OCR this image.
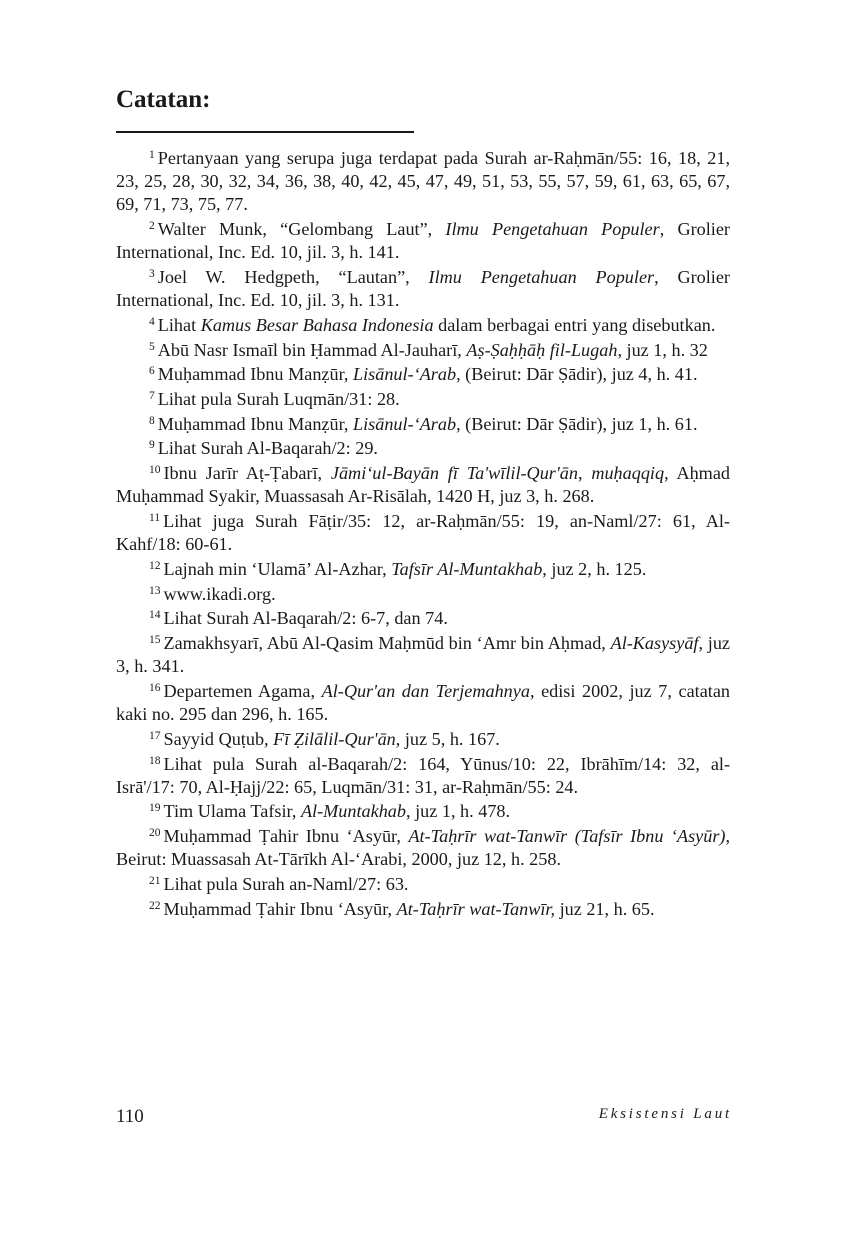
Catatan:

$^1$ Pertanyaan yang serupa juga terdapat pada Surah ar-Raḥmān/55: 16, 18, 21, 23, 25, 28, 30, 32, 34, 36, 38, 40, 42, 45, 47, 49, 51, 53, 55, 57, 59, 61, 63, 65, 67, 69, 71, 73, 75, 77.

$^2$ Walter Munk, “Gelombang Laut”, Ilmu Pengetahuan Populer, Grolier International, Inc. Ed. 10, jil. 3, h. 141.

$^3$ Joel W. Hedgpeth, “Lautan”, Ilmu Pengetahuan Populer, Grolier International, Inc. Ed. 10, jil. 3, h. 131.

$^4$ Lihat Kamus Besar Bahasa Indonesia dalam berbagai entri yang disebutkan.

$^5$ Abū Nasr Ismaīl bin Ḥammad Al-Jauharī, Aṣ-Ṣaḥḥāḥ fil-Lugah, juz 1, h. 32

$^6$ Muḥammad Ibnu Manẓūr, Lisānul-‘Arab, (Beirut: Dār Ṣādir), juz 4, h. 41.

$^7$ Lihat pula Surah Luqmān/31: 28.

$^8$ Muḥammad Ibnu Manẓūr, Lisānul-‘Arab, (Beirut: Dār Ṣādir), juz 1, h. 61.

$^9$ Lihat Surah Al-Baqarah/2: 29.

$^{10}$ Ibnu Jarīr Aṭ-Ṭabarī, Jāmi‘ul-Bayān fī Ta'wīlil-Qur'ān, muḥaqqiq, Aḥmad Muḥammad Syakir, Muassasah Ar-Risālah, 1420 H, juz 3, h. 268.

$^{11}$ Lihat juga Surah Fāṭir/35: 12, ar-Raḥmān/55: 19, an-Naml/27: 61, Al-Kahf/18: 60-61.

$^{12}$ Lajnah min ‘Ulamā’ Al-Azhar, Tafsīr Al-Muntakhab, juz 2, h. 125.

$^{13}$ www.ikadi.org.

$^{14}$ Lihat Surah Al-Baqarah/2: 6-7, dan 74.

$^{15}$ Zamakhsyarī, Abū Al-Qasim Maḥmūd bin ‘Amr bin Aḥmad, Al-Kasysyāf, juz 3, h. 341.

$^{16}$ Departemen Agama, Al-Qur'an dan Terjemahnya, edisi 2002, juz 7, catatan kaki no. 295 dan 296, h. 165.

$^{17}$ Sayyid Quṭub, Fī Ẓilālil-Qur'ān, juz 5, h. 167.

$^{18}$ Lihat pula Surah al-Baqarah/2: 164, Yūnus/10: 22, Ibrāhīm/14: 32, al-Isrā'/17: 70, Al-Ḥajj/22: 65, Luqmān/31: 31, ar-Raḥmān/55: 24.

$^{19}$ Tim Ulama Tafsir, Al-Muntakhab, juz 1, h. 478.

$^{20}$ Muḥammad Ṭahir Ibnu ‘Asyūr, At-Taḥrīr wat-Tanwīr (Tafsīr Ibnu ‘Asyūr), Beirut: Muassasah At-Tārīkh Al-‘Arabi, 2000, juz 12, h. 258.

$^{21}$ Lihat pula Surah an-Naml/27: 63.

$^{22}$ Muḥammad Ṭahir Ibnu ‘Asyūr, At-Taḥrīr wat-Tanwīr, juz 21, h. 65.

110	Eksistensi Laut
